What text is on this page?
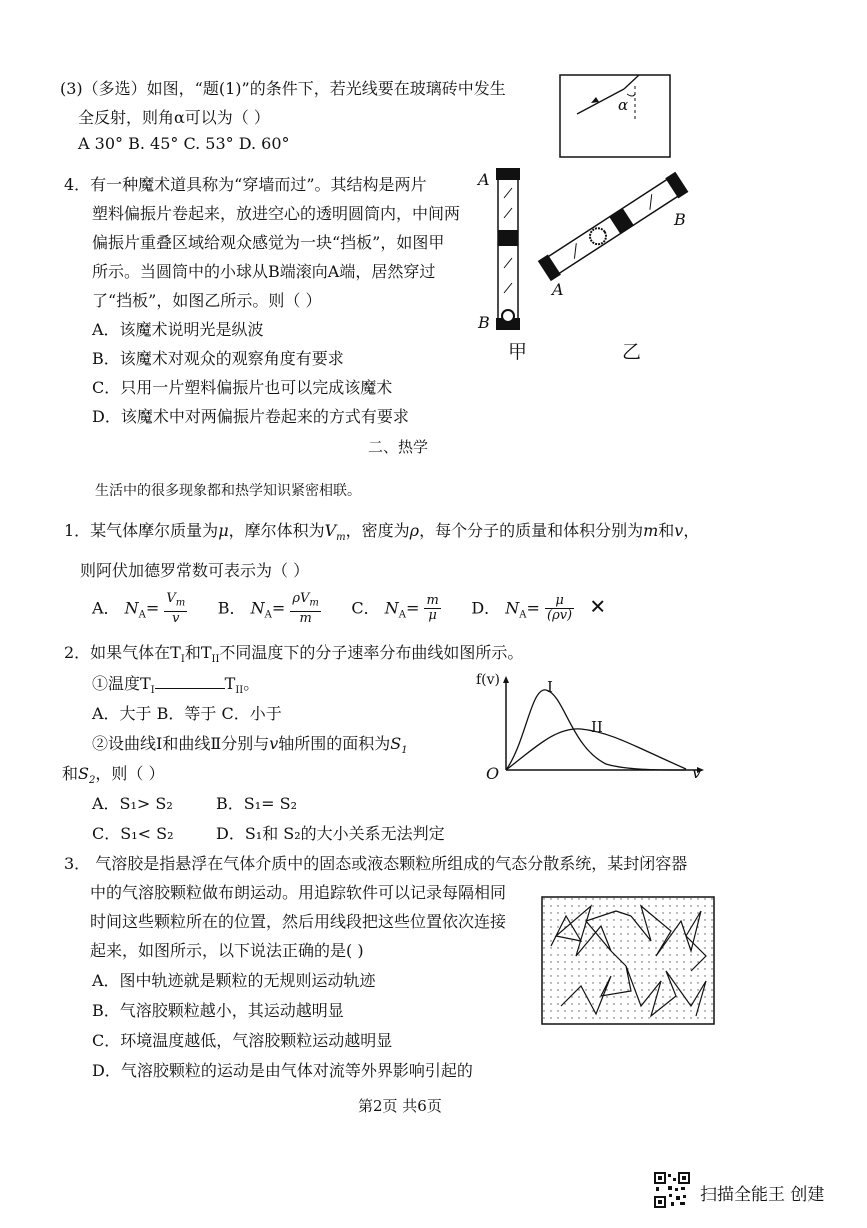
(3)（多选）如图，“题(1)”的条件下，若光线要在玻璃砖中发生
全反射，则角α可以为（ ）
A 30° B. 45° C. 53° D. 60°
α
4．有一种魔术道具称为“穿墙而过”。其结构是两片
塑料偏振片卷起来，放进空心的透明圆筒内，中间两
偏振片重叠区域给观众感觉为一块“挡板”，如图甲
所示。当圆筒中的小球从B端滚向A端，居然穿过
了“挡板”，如图乙所示。则（ ）
A．该魔术说明光是纵波
B．该魔术对观众的观察角度有要求
C．只用一片塑料偏振片也可以完成该魔术
D．该魔术中对两偏振片卷起来的方式有要求
A
B
A
B
甲	乙
二、热学
生活中的很多现象都和热学知识紧密相联。
1．某气体摩尔质量为μ，摩尔体积为$V_m$，密度为ρ，每个分子的质量和体积分别为m和v，
则阿伏加德罗常数可表示为（ ）
A． $N_A= \frac{V_m}{v}$ B． $N_A= \frac{\rho V_m}{m}$ C． $N_A= \frac{m}{\mu}$ D． $N_A= \frac{\mu}{(\rho v)}$ ✕
2．如果气体在$T_I$和$T_{II}$不同温度下的分子速率分布曲线如图所示。
①温度$T_I$	$T_{II}$。
A．大于 B．等于 C．小于
②设曲线Ⅰ和曲线Ⅱ分别与v轴所围的面积为$S_1$
和$S_2$，则（ ）
A．S₁> S₂	B．S₁= S₂
C．S₁< S₂	D．S₁和 S₂的大小关系无法判定
f(v)
O	v
I
II
3． 气溶胶是指悬浮在气体介质中的固态或液态颗粒所组成的气态分散系统，某封闭容器
中的气溶胶颗粒做布朗运动。用追踪软件可以记录每隔相同
时间这些颗粒所在的位置，然后用线段把这些位置依次连接
起来，如图所示，以下说法正确的是( )
A．图中轨迹就是颗粒的无规则运动轨迹
B．气溶胶颗粒越小，其运动越明显
C．环境温度越低，气溶胶颗粒运动越明显
D．气溶胶颗粒的运动是由气体对流等外界影响引起的
第2页 共6页
扫描全能王 创建
